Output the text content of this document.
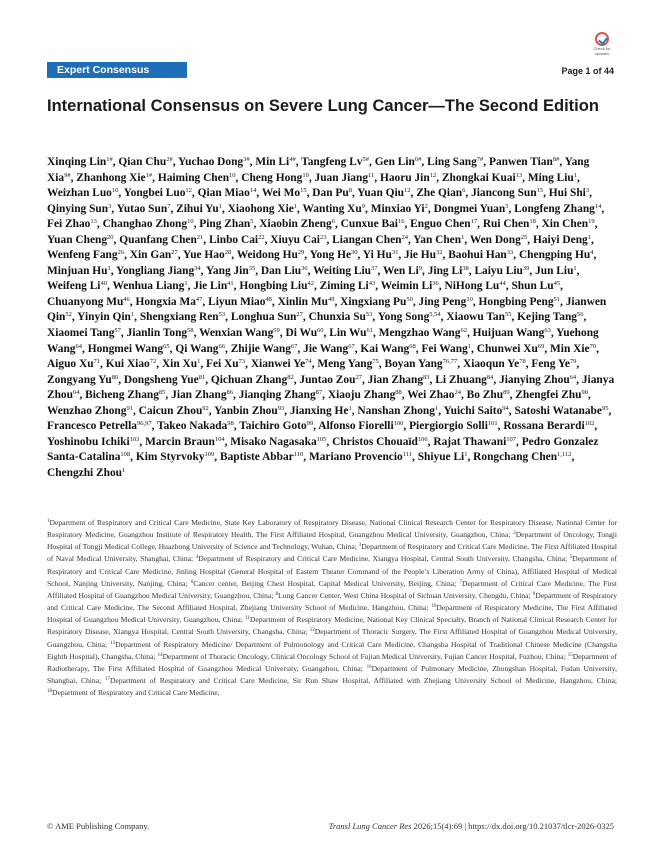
Expert Consensus
Check for updates
Page 1 of 44
International Consensus on Severe Lung Cancer—The Second Edition
Xinqing Lin$^{1\#}$, Qian Chu$^{2\#}$, Yuchao Dong$^{3\#}$, Min $Li^{4\#}$, Tangfeng $Lv^{5\#}$, Gen Lin$^{6\#}$, Ling Sang$^{7\#}$, Panwen Tian$^{8\#}$, Yang Xia$^{9\#}$, Zhanhong Xie$^{1\#}$, Haiming Chen$^{10}$, Cheng Hong$^{10}$, Juan Jiang$^{11}$, Haoru Jin$^{12}$, Zhongkai Kuai$^{13}$, Ming Liu$^1$, Weizhan Luo$^{10}$, Yongbei Luo$^{12}$, Qian Miao$^{14}$, Wei Mo$^{15}$, Dan Pu$^8$, Yuan Qiu$^{12}$, Zhe Qian$^6$, Jiancong Sun$^{15}$, Hui Shi$^3$, Qinying Sun$^3$, Yutao Sun$^7$, Zihui Yu$^1$, Xiaohong Xie$^1$, Wanting Xu$^9$, Minxiao Yi$^2$, Dongmei Yuan$^5$, Longfeng Zhang$^{14}$, Fei Zhao$^{13}$, Changhao Zhong$^{10}$, Ping Zhan$^5$, Xiaobin Zheng$^6$, Cunxue Bai$^{16}$, Enguo Chen$^{17}$, Rui Chen$^{18}$, Xin Chen$^{19}$, Yuan Cheng$^{20}$, Quanfang Chen$^{21}$, Linbo Cai$^{22}$, Xiuyu Cai$^{23}$, Liangan Chen$^{24}$, Yan Chen$^1$, Wen Dong$^{25}$, Haiyi Deng$^1$, Wenfeng Fang$^{26}$, Xin Gan$^{27}$, Yue Hao$^{28}$, Weidong Hu$^{29}$, Yong He$^{30}$, Yi Hu$^{31}$, Jie Hu$^{32}$, Baohui Han$^{33}$, Chengping Hu$^4$, Minjuan Hu$^1$, Yongliang Jiang$^{34}$, Yang Jin$^{35}$, Dan Liu$^{36}$, Weiting Liu$^{37}$, Wen Li$^9$, Jing Li$^{38}$, Laiyu Liu$^{39}$, Jun Liu$^1$, Weifeng Li$^{40}$, Wenhua Liang$^1$, Jie Lin$^{41}$, Hongbing Liu$^{42}$, Ziming Li$^{43}$, Weimin Li$^{36}$, NiHong Lu$^{44}$, Shun Lu$^{45}$, Chuanyong Mu$^{46}$, Hongxia Ma$^{47}$, Liyun Miao$^{48}$, Xinlin Mu$^{49}$, Xingxiang Pu$^{50}$, Jing Peng$^{10}$, Hongbing Peng$^{51}$, Jianwen Qin$^{52}$, Yinyin Qin$^1$, Shengxiang Ren$^{53}$, Longhua Sun$^{27}$, Chunxia Su$^{53}$, Yong Song$^{5,54}$, Xiaowu Tan$^{55}$, Kejing Tang$^{56}$, Xiaomei Tang$^{57}$, Jianlin Tong$^{58}$, Wenxian Wang$^{59}$, Di Wu$^{60}$, Lin Wu$^{61}$, Mengzhao Wang$^{62}$, Huijuan Wang$^{63}$, Yuehong Wang$^{64}$, Hongmei Wang$^{65}$, Qi Wang$^{66}$, Zhijie Wang$^{67}$, Jie Wang$^{67}$, Kai Wang$^{68}$, Fei Wang$^1$, Chunwei Xu$^{69}$, Min Xie$^{70}$, Aiguo Xu$^{71}$, Kui Xiao$^{72}$, Xin Xu$^1$, Fei Xu$^{73}$, Xianwei Ye$^{74}$, Meng Yang$^{75}$, Boyan Yang$^{76,77}$, Xiaoqun Ye$^{78}$, Feng Ye$^{79}$, Zongyang Yu$^{80}$, Dongsheng Yue$^{81}$, Qichuan Zhang$^{82}$, Juntao Zou$^{27}$, Jian Zhang$^{83}$, Li Zhuang$^{84}$, Jianying Zhou$^{64}$, Jianya Zhou$^{64}$, Bicheng Zhang$^{85}$, Jian Zhang$^{86}$, Jianqing Zhang$^{87}$, Xiaoju Zhang$^{88}$, Wei Zhao$^{24}$, Bo Zhu$^{89}$, Zhengfei Zhu$^{90}$, Wenzhao Zhong$^{91}$, Caicun Zhou$^{92}$, Yanbin Zhou$^{93}$, Jianxing He$^1$, Nanshan Zhong$^1$, Yuichi Saito$^{94}$, Satoshi Watanabe$^{95}$, Francesco Petrella$^{96,97}$, Takeo Nakada$^{98}$, Taichiro Goto$^{99}$, Alfonso Fiorelli$^{100}$, Piergiorgio Solli$^{101}$, Rossana Berardi$^{102}$, Yoshinobu Ichiki$^{103}$, Marcin Braun$^{104}$, Misako Nagasaka$^{105}$, Christos Chouaïd$^{106}$, Rajat Thawani$^{107}$, Pedro Gonzalez Santa-Catalina$^{108}$, Kim Styrvoky$^{109}$, Baptiste Abbar$^{110}$, Mariano Provencio$^{111}$, Shiyue Li$^1$, Rongchang Chen$^{1,112}$, Chengzhi Zhou$^1$
$^1$Department of Respiratory and Critical Care Medicine, State Key Laboratory of Respiratory Disease, National Clinical Research Center for Respiratory Disease, National Center for Respiratory Medicine, Guangzhou Institute of Respiratory Health, The First Affiliated Hospital, Guangzhou Medical University, Guangzhou, China; $^2$Department of Oncology, Tongji Hospital of Tongji Medical College, Huazhong University of Science and Technology, Wuhan, China; $^3$Department of Respiratory and Critical Care Medicine, The First Affiliated Hospital of Naval Medical University, Shanghai, China; $^4$Department of Respiratory and Critical Care Medicine, Xiangya Hospital, Central South University, Changsha, China; $^5$Department of Respiratory and Critical Care Medicine, Jinling Hospital (General Hospital of Eastern Theater Command of the People’s Liberation Army of China), Affiliated Hospital of Medical School, Nanjing University, Nanjing, China; $^6$Cancer center, Beijing Chest Hospital, Capital Medical University, Beijing, China; $^7$Department of Critical Care Medicine, The First Affiliated Hospital of Guangzhou Medical University, Guangzhou, China; $^8$Lung Cancer Center, West China Hospital of Sichuan University, Chengdu, China; $^9$Department of Respiratory and Critical Care Medicine, The Second Affiliated Hospital, Zhejiang University School of Medicine, Hangzhou, China; $^{10}$Department of Respiratory Medicine, The First Affiliated Hospital of Guangzhou Medical University, Guangzhou, China; $^{11}$Department of Respiratory Medicine, National Key Clinical Specialty, Branch of National Clinical Research Center for Respiratory Disease, Xiangya Hospital, Central South University, Changsha, China; $^{12}$Department of Thoracic Surgery, The First Affiliated Hospital of Guangzhou Medical University, Guangzhou, China; $^{13}$Department of Respiratory Medicine/ Department of Pulmonology and Critical Care Medicine, Changsha Hospital of Traditional Chinese Medicine (Changsha Eighth Hospital), Changsha, China; $^{14}$Department of Thoracic Oncology, Clinical Oncology School of Fujian Medical University, Fujian Cancer Hospital, Fuzhou, China; $^{15}$Department of Radiotherapy, The First Affiliated Hospital of Guangzhou Medical University, Guangzhou, China; $^{16}$Department of Pulmonary Medicine, Zhongshan Hospital, Fudan University, Shanghai, China; $^{17}$Department of Respiratory and Critical Care Medicine, Sir Run Shaw Hospital, Affiliated with Zhejiang University School of Medicine, Hangzhou, China; $^{18}$Department of Respiratory and Critical Care Medicine,
© AME Publishing Company.	Transl Lung Cancer Res 2026;15(4):69 | https://dx.doi.org/10.21037/tlcr-2026-0325
